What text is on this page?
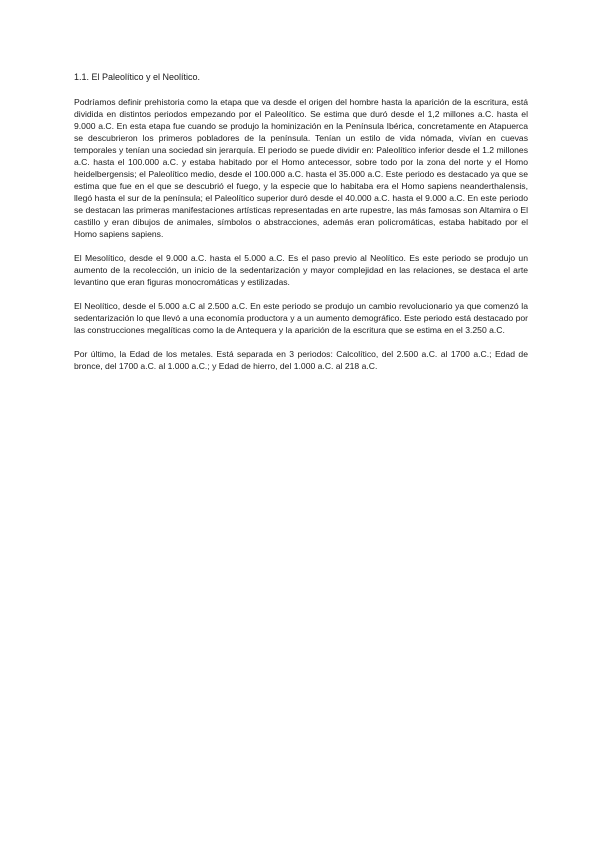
1.1. El Paleolítico y el Neolítico.

Podríamos definir prehistoria como la etapa que va desde el origen del hombre hasta la aparición de la escritura, está dividida en distintos periodos empezando por el Paleolítico. Se estima que duró desde el 1,2 millones a.C. hasta el 9.000 a.C. En esta etapa fue cuando se produjo la hominización en la Península Ibérica, concretamente en Atapuerca se descubrieron los primeros pobladores de la península. Tenían un estilo de vida nómada, vivían en cuevas temporales y tenían una sociedad sin jerarquía. El periodo se puede dividir en: Paleolítico inferior desde el 1.2 millones a.C. hasta el 100.000 a.C. y estaba habitado por el Homo antecessor, sobre todo por la zona del norte y el Homo heidelbergensis; el Paleolítico medio, desde el 100.000 a.C. hasta el 35.000 a.C. Este periodo es destacado ya que se estima que fue en el que se descubrió el fuego, y la especie que lo habitaba era el Homo sapiens neanderthalensis, llegó hasta el sur de la península; el Paleolítico superior duró desde el 40.000 a.C. hasta el 9.000 a.C. En este periodo se destacan las primeras manifestaciones artísticas representadas en arte rupestre, las más famosas son Altamira o El castillo y eran dibujos de animales, símbolos o abstracciones, además eran policromáticas, estaba habitado por el Homo sapiens sapiens.

El Mesolítico, desde el 9.000 a.C. hasta el 5.000 a.C. Es el paso previo al Neolítico. Es este periodo se produjo un aumento de la recolección, un inicio de la sedentarización y mayor complejidad en las relaciones, se destaca el arte levantino que eran figuras monocromáticas y estilizadas.

El Neolítico, desde el 5.000 a.C al 2.500 a.C. En este periodo se produjo un cambio revolucionario ya que comenzó la sedentarización lo que llevó a una economía productora y a un aumento demográfico. Este periodo está destacado por las construcciones megalíticas como la de Antequera y la aparición de la escritura que se estima en el 3.250 a.C.

Por último, la Edad de los metales. Está separada en 3 periodos: Calcolítico, del 2.500 a.C. al 1700 a.C.; Edad de bronce, del 1700 a.C. al 1.000 a.C.; y Edad de hierro, del 1.000 a.C. al 218 a.C.
